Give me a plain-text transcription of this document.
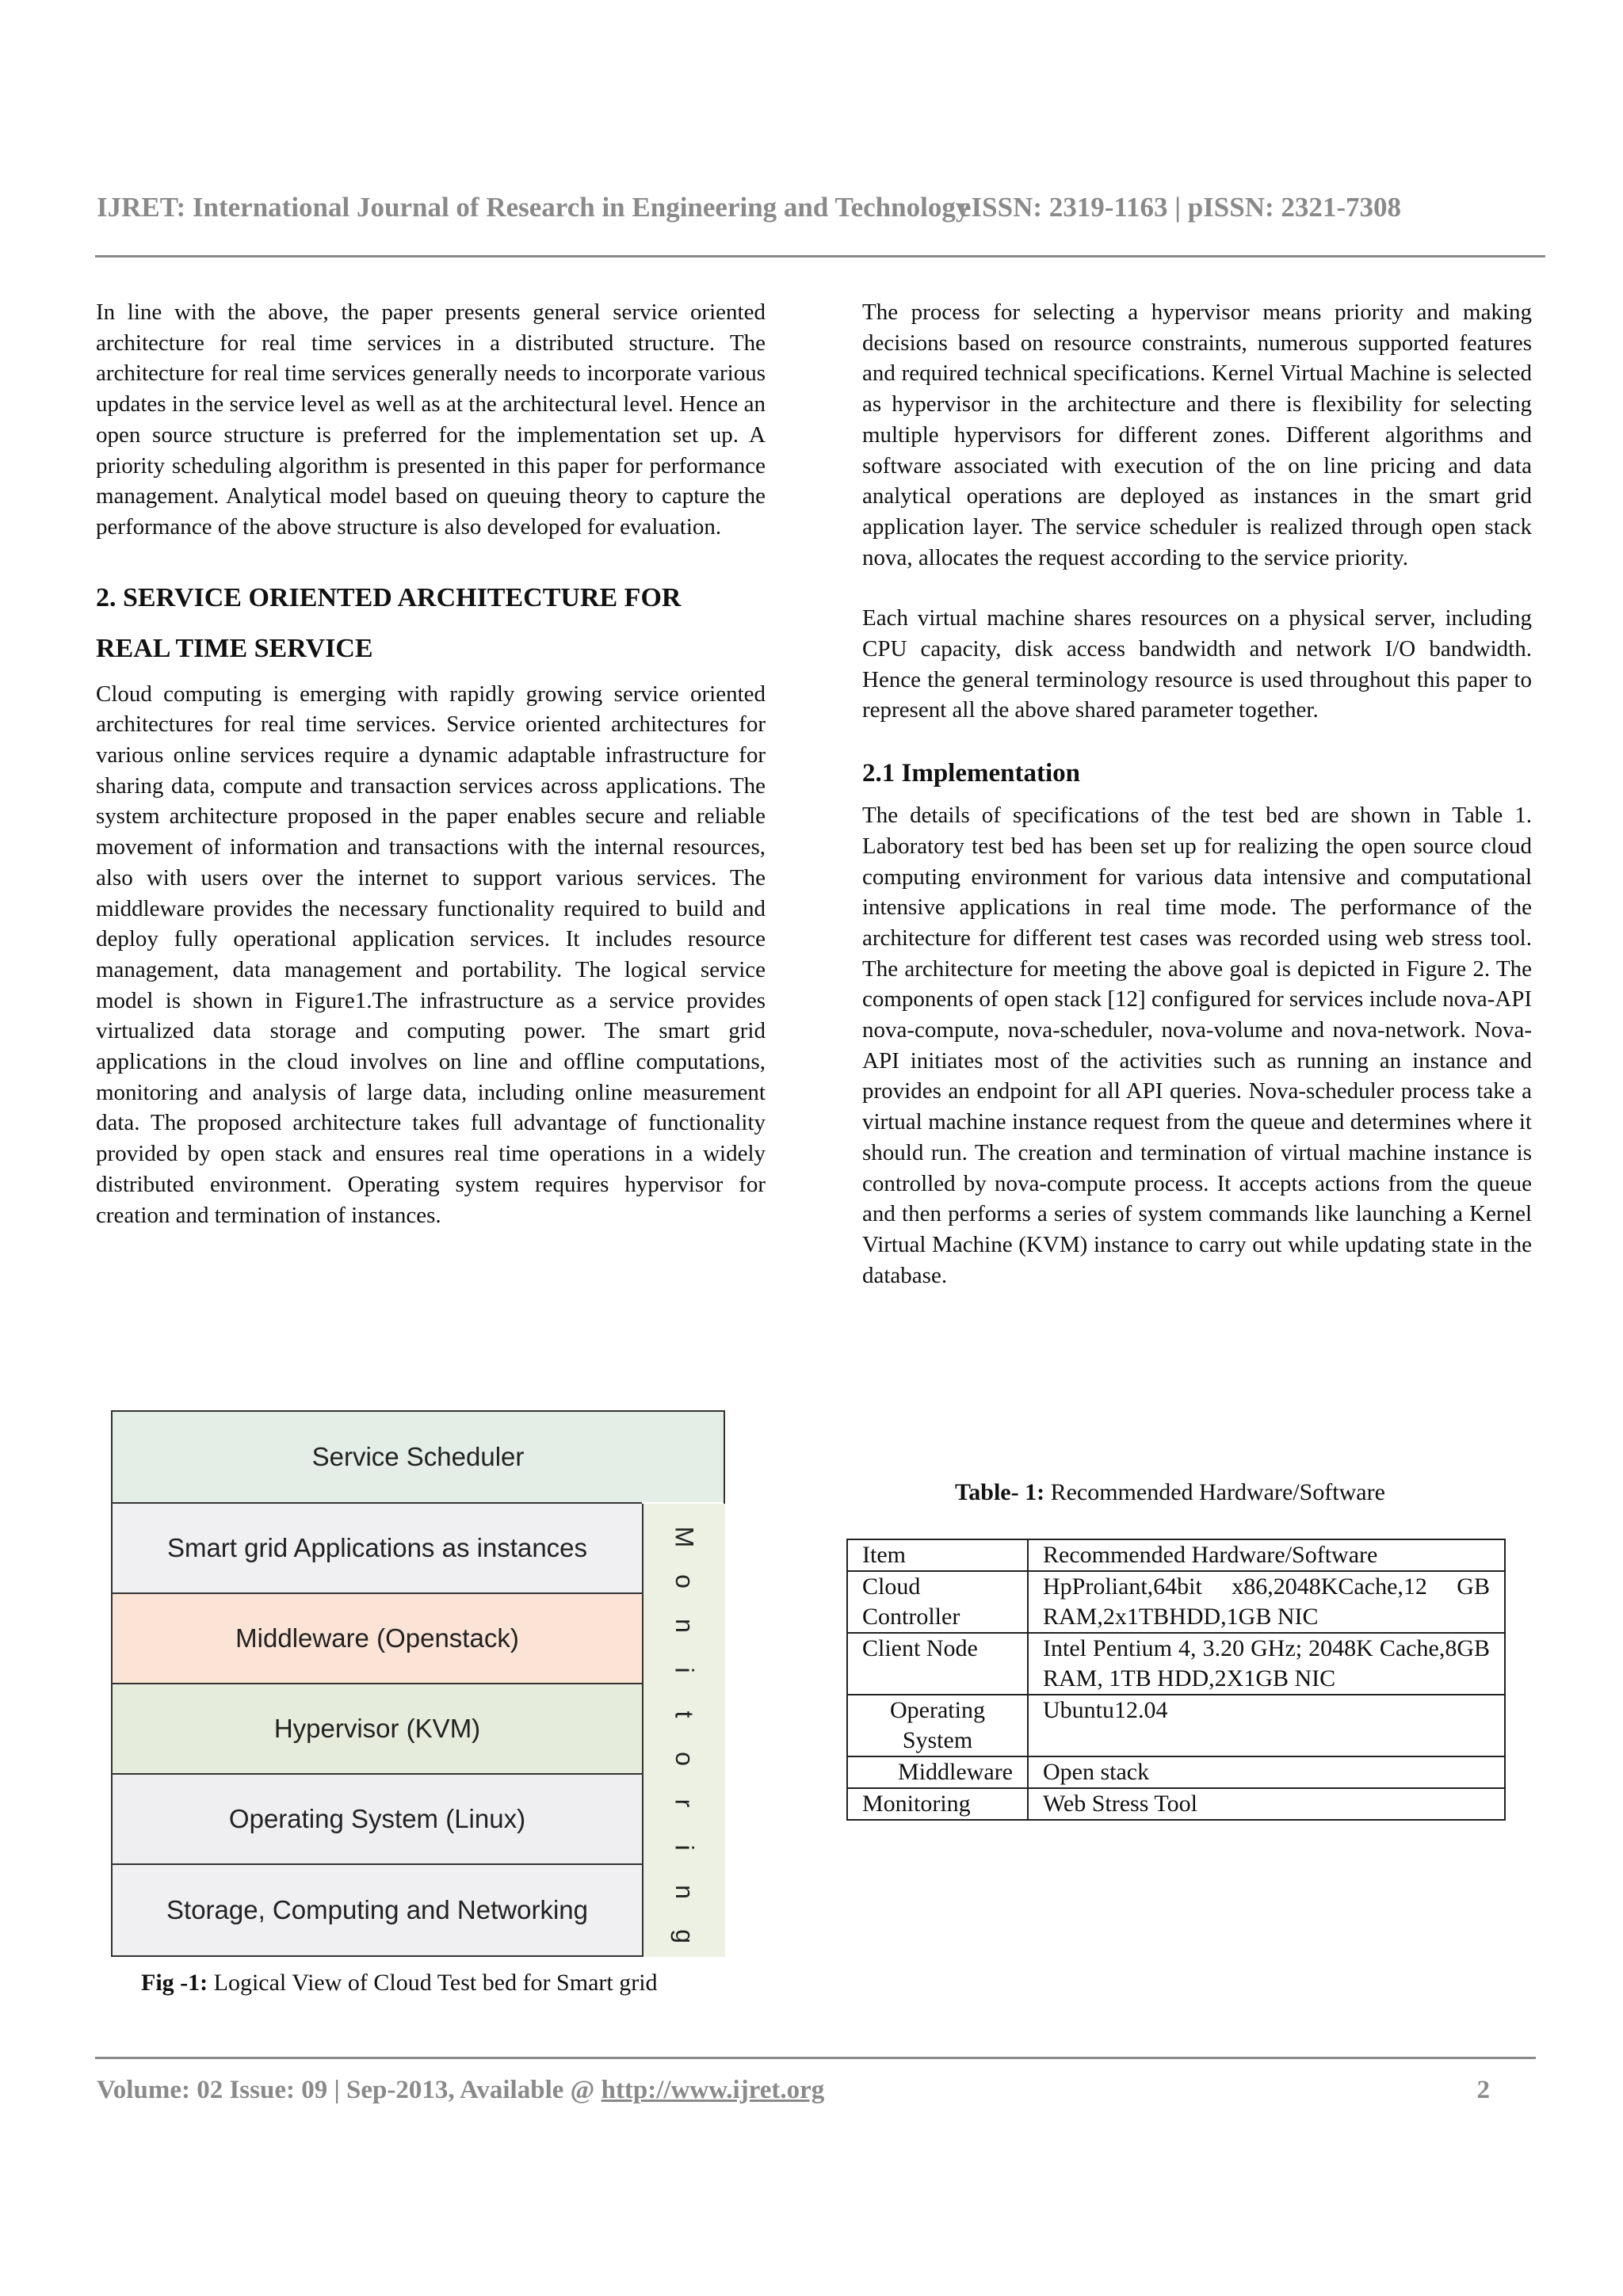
IJRET: International Journal of Research in Engineering and Technology
eISSN: 2319-1163 | pISSN: 2321-7308

In line with the above, the paper presents general service oriented architecture for real time services in a distributed structure. The architecture for real time services generally needs to incorporate various updates in the service level as well as at the architectural level. Hence an open source structure is preferred for the implementation set up. A priority scheduling algorithm is presented in this paper for performance management. Analytical model based on queuing theory to capture the performance of the above structure is also developed for evaluation.

2. SERVICE ORIENTED ARCHITECTURE FOR
REAL TIME SERVICE

Cloud computing is emerging with rapidly growing service oriented architectures for real time services. Service oriented architectures for various online services require a dynamic adaptable infrastructure for sharing data, compute and transaction services across applications. The system architecture proposed in the paper enables secure and reliable movement of information and transactions with the internal resources, also with users over the internet to support various services. The middleware provides the necessary functionality required to build and deploy fully operational application services. It includes resource management, data management and portability. The logical service model is shown in Figure1.The infrastructure as a service provides virtualized data storage and computing power. The smart grid applications in the cloud involves on line and offline computations, monitoring and analysis of large data, including online measurement data. The proposed architecture takes full advantage of functionality provided by open stack and ensures real time operations in a widely distributed environment. Operating system requires hypervisor for creation and termination of instances.

Service Scheduler
Smart grid Applications as instances
Middleware (Openstack)
Hypervisor (KVM)
Operating System (Linux)
Storage, Computing and Networking
M
o
n
i
t
o
r
i
n
g
Fig -1: Logical View of Cloud Test bed for Smart grid

The process for selecting a hypervisor means priority and making decisions based on resource constraints, numerous supported features and required technical specifications. Kernel Virtual Machine is selected as hypervisor in the architecture and there is flexibility for selecting multiple hypervisors for different zones. Different algorithms and software associated with execution of the on line pricing and data analytical operations are deployed as instances in the smart grid application layer. The service scheduler is realized through open stack nova, allocates the request according to the service priority.

Each virtual machine shares resources on a physical server, including CPU capacity, disk access bandwidth and network I/O bandwidth. Hence the general terminology resource is used throughout this paper to represent all the above shared parameter together.

2.1 Implementation

The details of specifications of the test bed are shown in Table 1. Laboratory test bed has been set up for realizing the open source cloud computing environment for various data intensive and computational intensive applications in real time mode. The performance of the architecture for different test cases was recorded using web stress tool. The architecture for meeting the above goal is depicted in Figure 2. The components of open stack [12] configured for services include nova-API nova-compute, nova-scheduler, nova-volume and nova-network. Nova-API initiates most of the activities such as running an instance and provides an endpoint for all API queries. Nova-scheduler process take a virtual machine instance request from the queue and determines where it should run. The creation and termination of virtual machine instance is controlled by nova-compute process. It accepts actions from the queue and then performs a series of system commands like launching a Kernel Virtual Machine (KVM) instance to carry out while updating state in the database.

Table- 1: Recommended Hardware/Software
Item	Recommended Hardware/Software
Cloud Controller	HpProliant,64bit x86,2048KCache,12 GB RAM,2x1TBHDD,1GB NIC
Client Node	Intel Pentium 4, 3.20 GHz; 2048K Cache,8GB RAM, 1TB HDD,2X1GB NIC
Operating System	Ubuntu12.04
Middleware	Open stack
Monitoring	Web Stress Tool
Volume: 02 Issue: 09 | Sep-2013, Available @ http://www.ijret.org	2
